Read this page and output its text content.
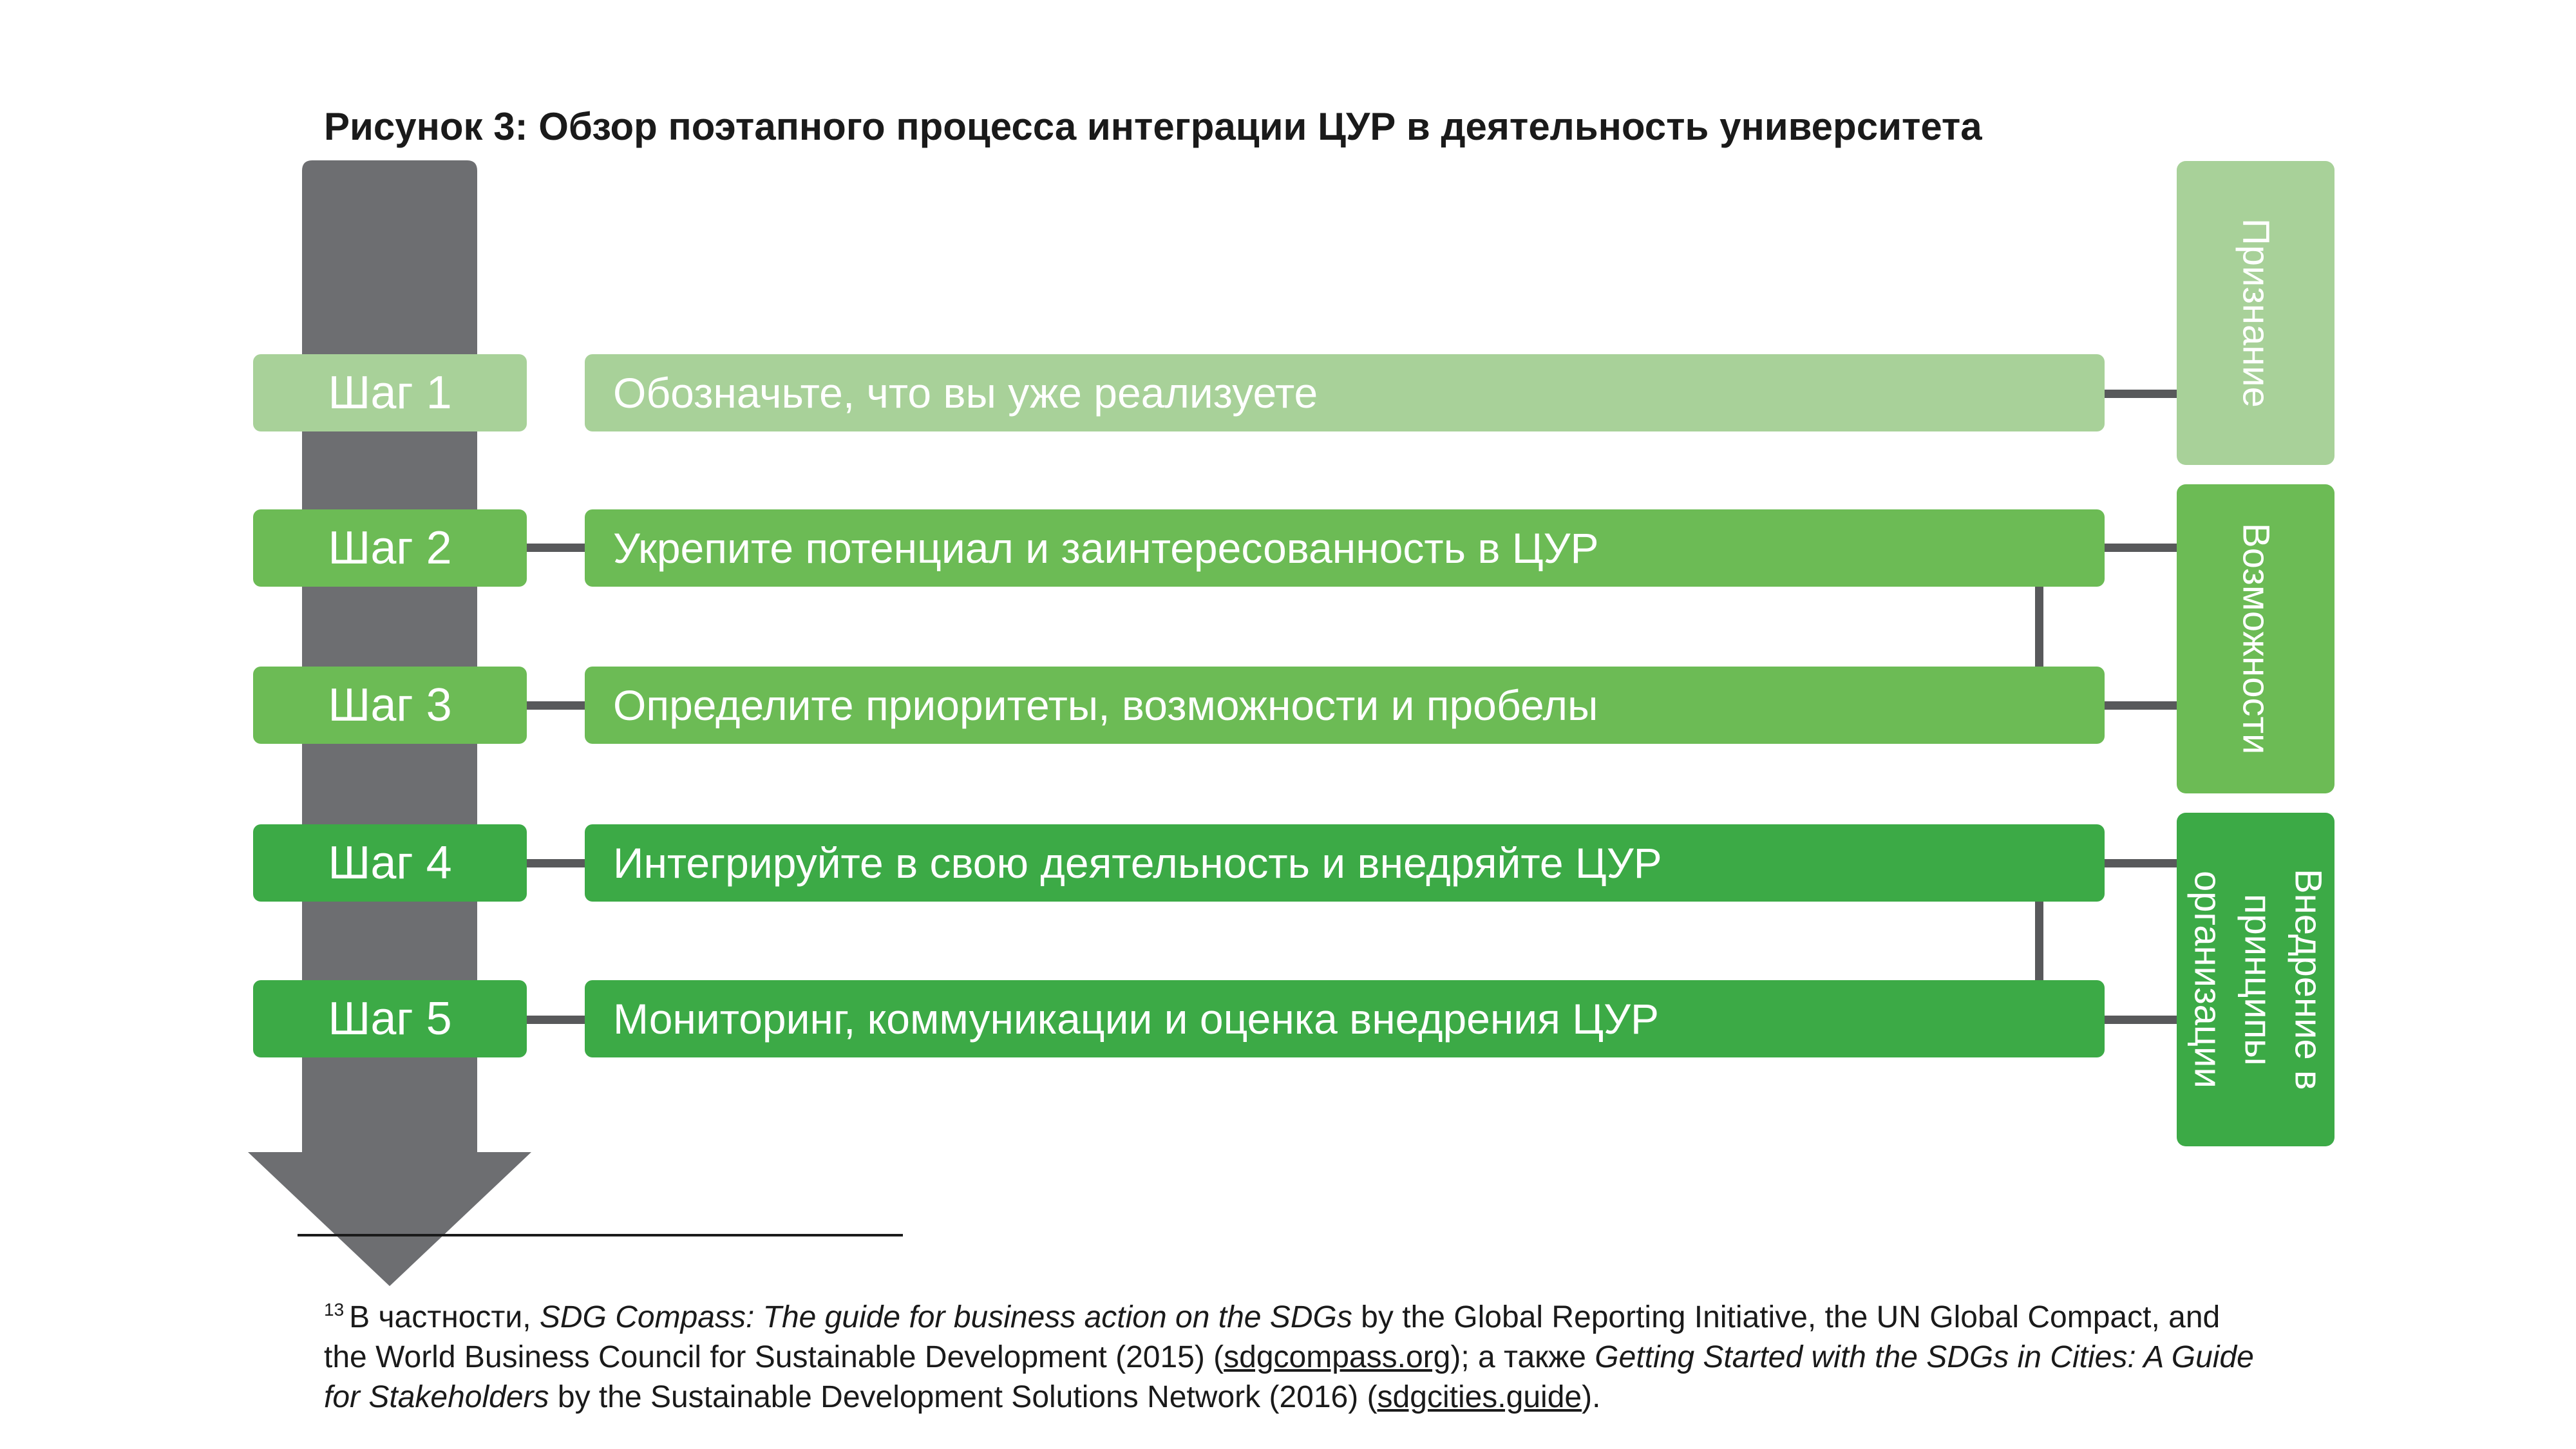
Рисунок 3: Обзор поэтапного процесса интеграции ЦУР в деятельность университета
Шаг 1
Шаг 2
Шаг 3
Шаг 4
Шаг 5
Обозначьте, что вы уже реализуете
Укрепите потенциал и заинтересованность в ЦУР
Определите приоритеты, возможности и пробелы
Интегрируйте в свою деятельность и внедряйте ЦУР
Мониторинг, коммуникации и оценка внедрения ЦУР
Признание
Возможности
Внедрение в принципы организации
$^{13}$ В частности, SDG Compass: The guide for business action on the SDGs by the Global Reporting Initiative, the UN Global Compact, and the World Business Council for Sustainable Development (2015) (sdgcompass.org); а также Getting Started with the SDGs in Cities: A Guide for Stakeholders by the Sustainable Development Solutions Network (2016) (sdgcities.guide).
